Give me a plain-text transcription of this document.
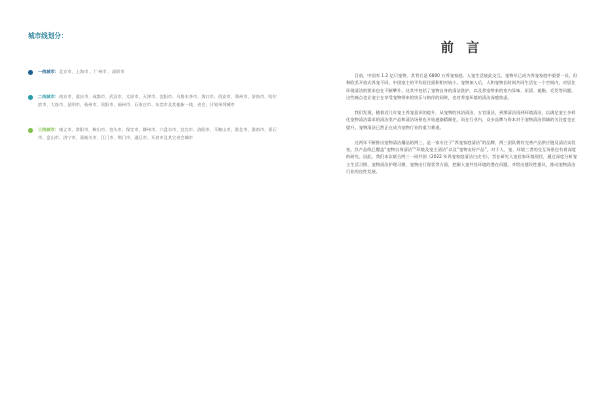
城市线划分：
一线城市：北京市、上海市 、广州市 、深圳市
二线城市：南京市、重庆市、成都市、武汉市、太原市、天津市、沈阳市、乌鲁木齐市、海口市、西安市、郑州市、济南市、哈尔滨市、大连市、昆明市、杭州市、贵阳市、福州市、石家庄市、东莞市及其他新一线、省会、计划单列城市
三线城市：康义市、常阳市、鞍山市、包头市、保定市、柳州市、六盘水市、宜宾市、洛阳市、马鞍山市、淮北市、淮南市、景石市、盘山市、济宁市、嘉峪关市、江门市、荆门市、通辽市、开封市及其它省会城市
前 言

目前，中国有 1.2 亿只宠物，其背后是 6800 万养宠家庭。人宠生活彼此交互，宠物早已成为养宠家庭中重要一员，但和欧美开放式养宠不同，中国宠主的平均居住面积相对较小，宠物加入后，人和宠物长时间共同生活在一个空间内，对居住环境清洁的要求也在不断攀升。这其中包括了宠物自身的清洁洗护，以及养宠带来的室内异味、尿渍、褪脂、毛发等问题，这些痛点也让宠主在享受宠物带来的快乐与陪伴的同时，也对养宠环境的清洁深感焦虑。

我们发现，随着近几年宠主养宠意识的提升，从宠物的沐浴清洁、五官清洁，到那清洁再到环境清洁，以满足宠主多样化宠物清洁需求的清洁类产品和清洁场景也开始逐渐精细化，而在行业内，众多品牌与资本对于宠物清洁领域的关注度也在提升，宠物清洁已然正在成为宠物行业的重力赛道。

这两年不断推出宠物清洁爆品的两三，是一家专注于“养宠家庭清洁”的品牌，两三团队拥有完善产品供应链及清洁实验室。其产品线已覆盖“宠物自身清洁”“环境及宠主清洁”以及“宠物友好产品”，对于人、宠、环境三者的交互场景也有着深度的研究。因此，我们本次联合两三一同共创《2022 年养宠家庭清洁白皮书》，旨在研究人宠居家环境现状，通过深度分析宠主生活习惯、宠物清洁护理习惯、宠物出行现状等方面，挖掘人宠共处环境的潜在问题，并给出建设性建议，推动宠物清洁行业的良性发展。
